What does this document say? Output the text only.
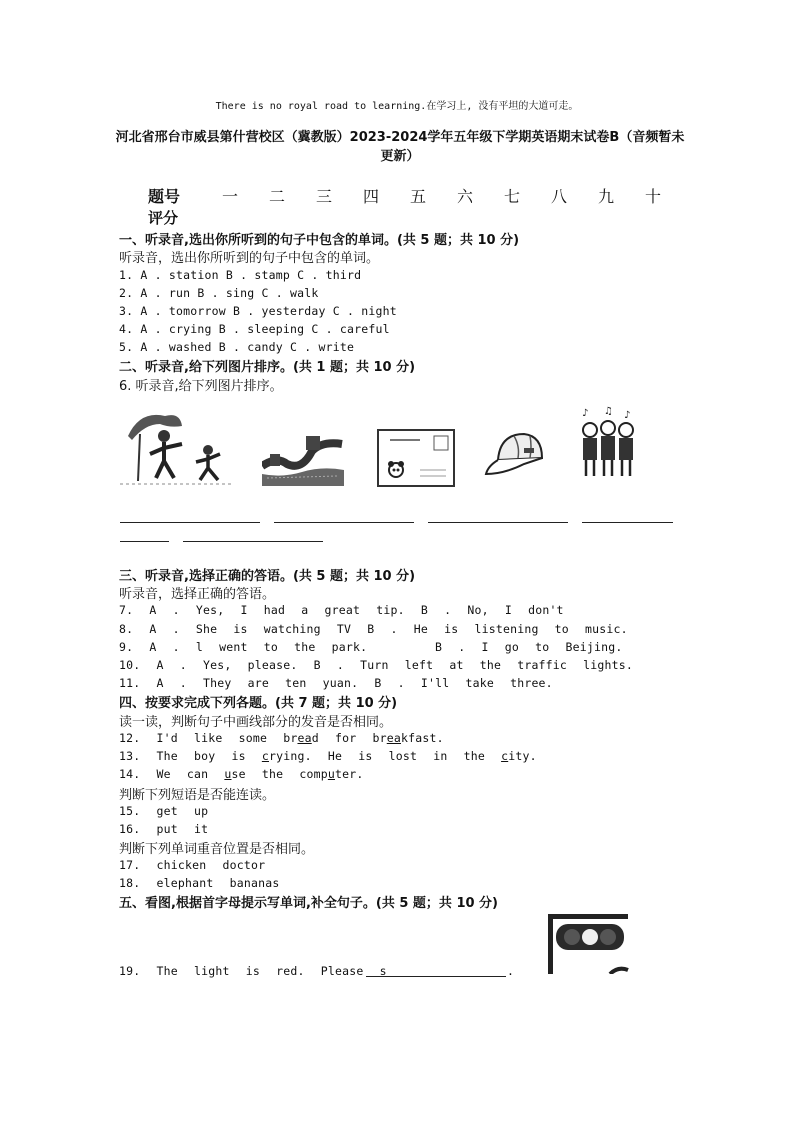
There is no royal road to learning.在学习上, 没有平坦的大道可走。
河北省邢台市威县第什营校区（冀教版）2023-2024学年五年级下学期英语期末试卷B（音频暂未更新）
题号	一 二 三 四 五 六 七 八 九 十
评分
一、听录音,选出你所听到的句子中包含的单词。(共 5 题；共 10 分)
听录音，选出你所听到的句子中包含的单词。
1. A . station B . stamp C . third
2. A . run B . sing C . walk
3. A . tomorrow B . yesterday C . night
4. A . crying B . sleeping C . careful
5. A . washed B . candy C . write
二、听录音,给下列图片排序。(共 1 题；共 10 分)
6. 听录音,给下列图片排序。
♪ ♫ ♪
三、听录音,选择正确的答语。(共 5 题；共 10 分)
听录音，选择正确的答语。
7. A . Yes, I had a great tip. B . No, I don't
8. A . She is watching TV B . He is listening to music.
9. A . l went to the park.	B . I go to Beijing.
10. A . Yes, please. B . Turn left at the traffic lights.
11. A . They are ten yuan. B . I'll take three.
四、按要求完成下列各题。(共 7 题；共 10 分)
读一读，判断句子中画线部分的发音是否相同。
12. I'd like some bread for breakfast.
13. The boy is crying. He is lost in the city.
14. We can use the computer.
判断下列短语是否能连读。
15. get up
16. put it
判断下列单词重音位置是否相同。
17. chicken doctor
18. elephant bananas
五、看图,根据首字母提示写单词,补全句子。(共 5 题；共 10 分)
19. The light is red. Please s	.
